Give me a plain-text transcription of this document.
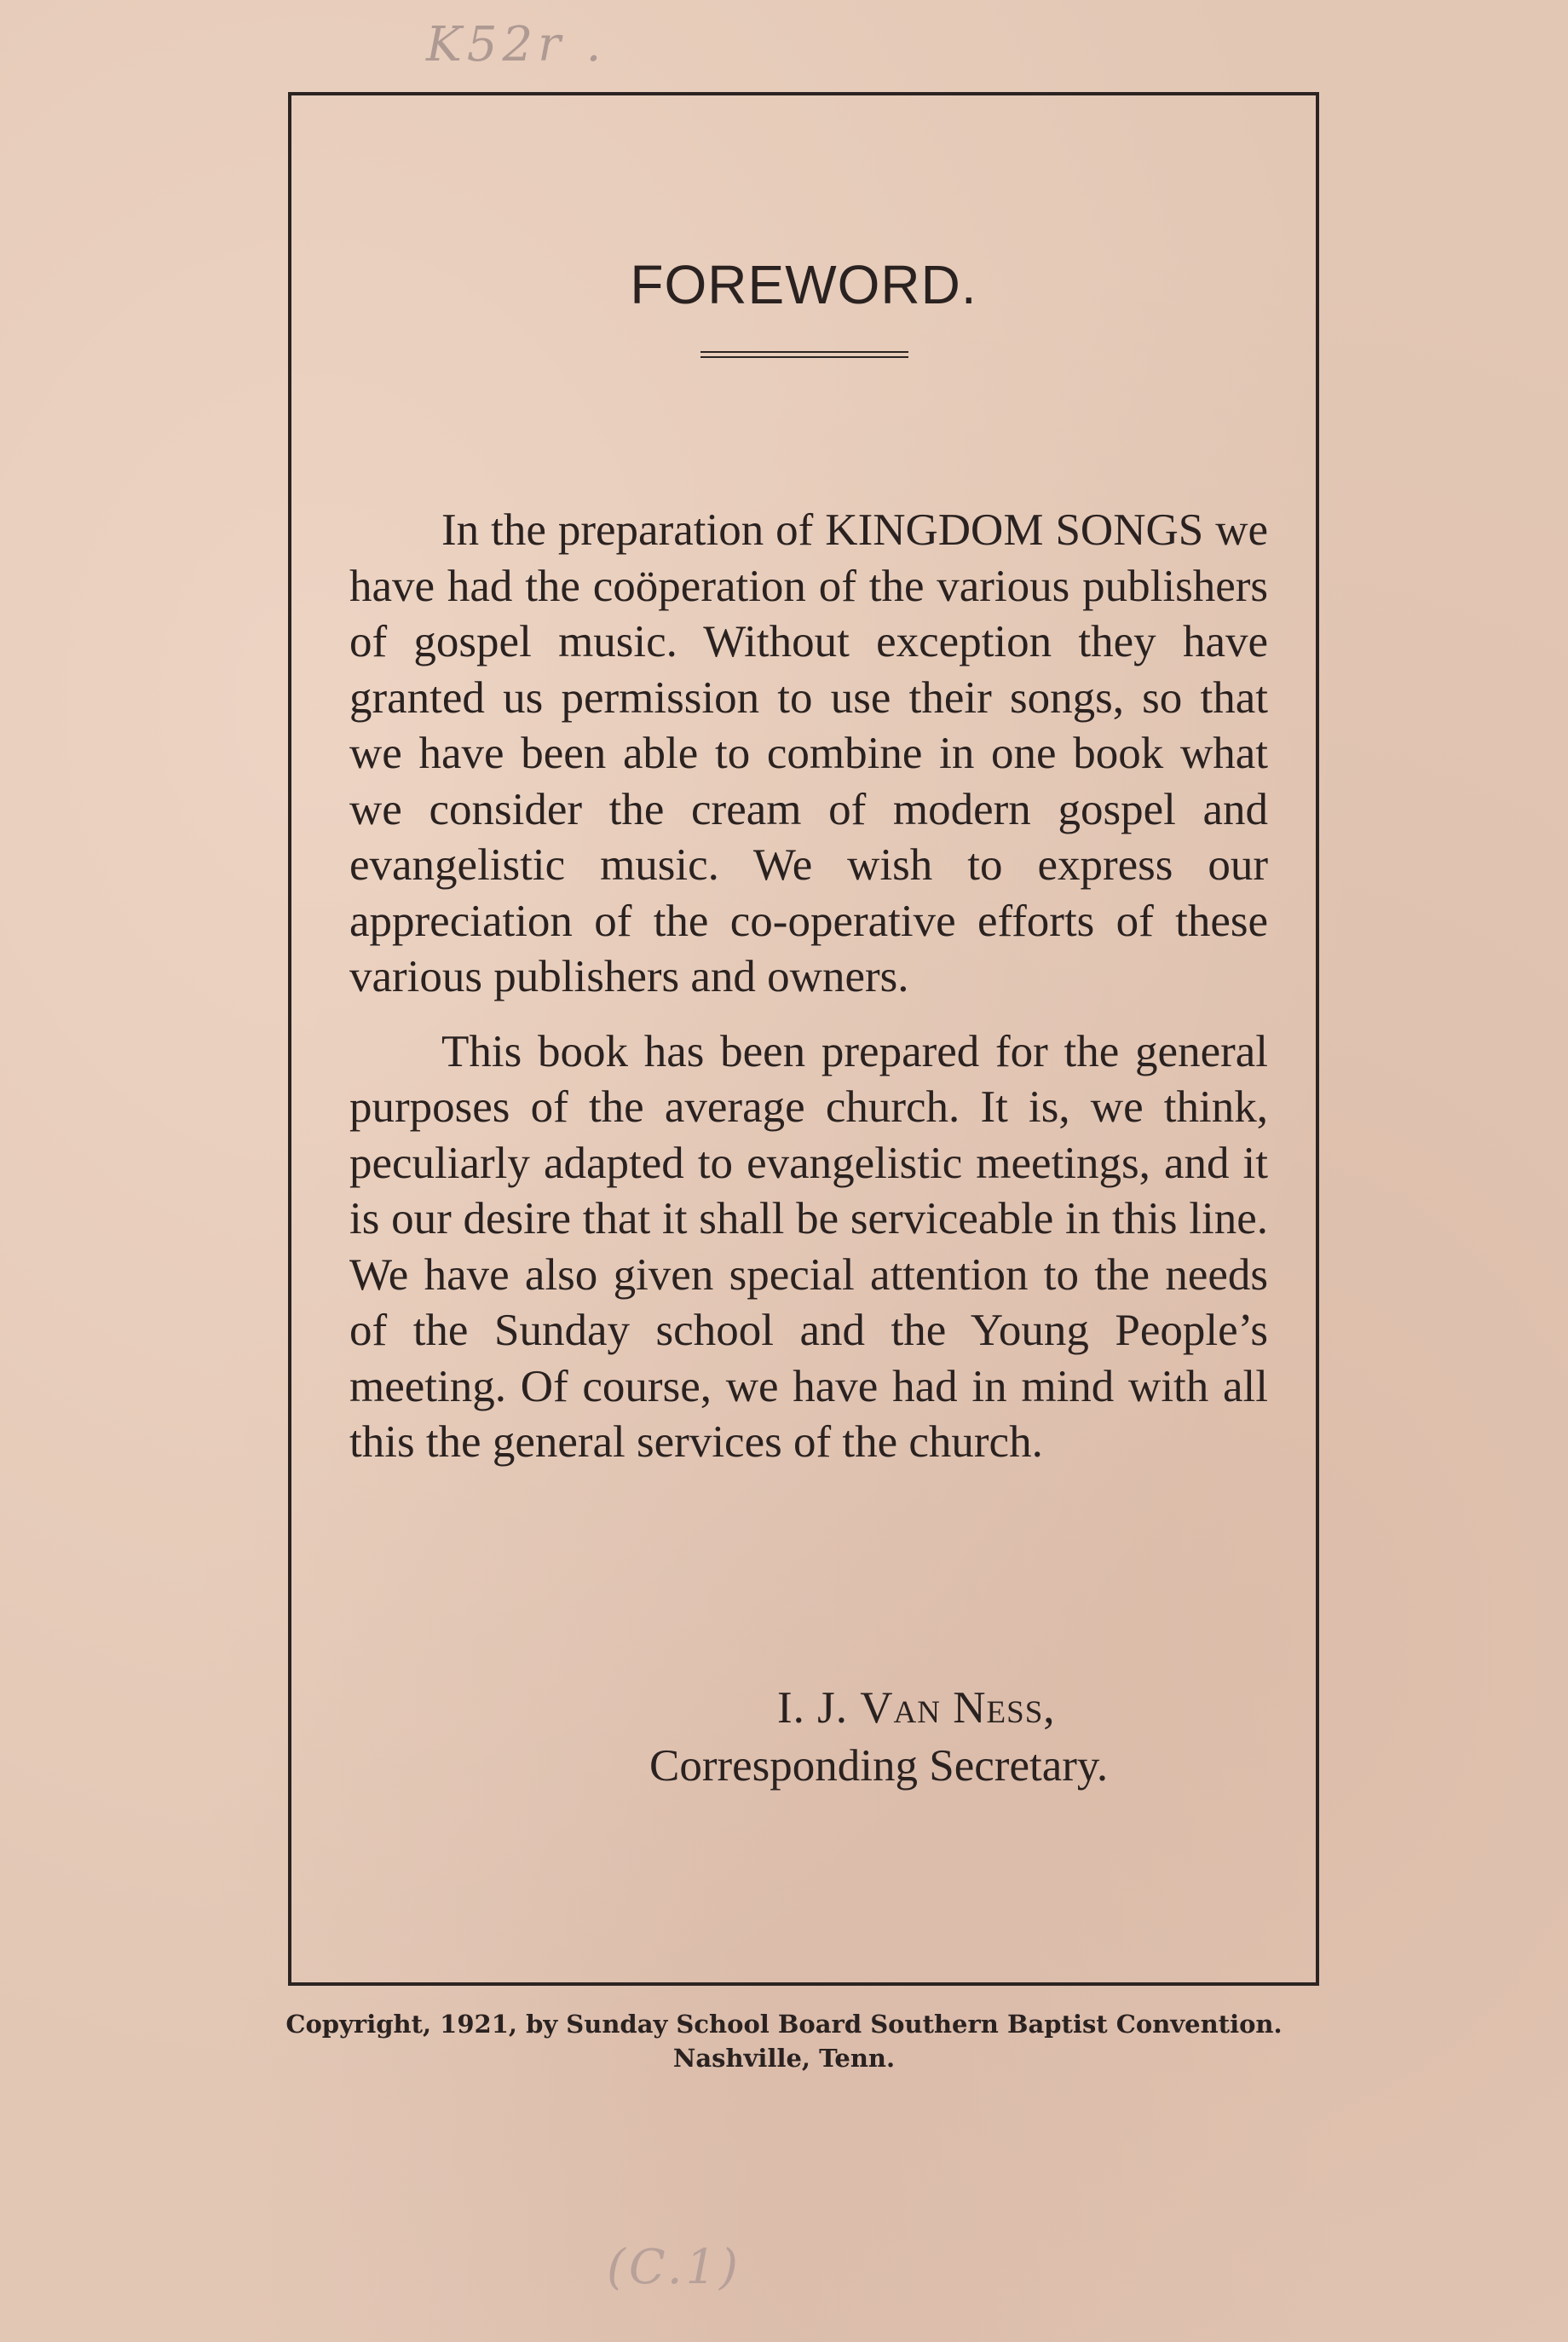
K52r .
FOREWORD.

In the preparation of KINGDOM SONGS we have had the coöperation of the various publishers of gospel music. Without exception they have granted us permission to use their songs, so that we have been able to combine in one book what we consider the cream of modern gospel and evangelistic music. We wish to express our appreciation of the co-operative efforts of these various publishers and owners.

This book has been prepared for the general purposes of the average church. It is, we think, peculiarly adapted to evangelistic meetings, and it is our desire that it shall be serviceable in this line. We have also given special attention to the needs of the Sunday school and the Young People’s meeting. Of course, we have had in mind with all this the general services of the church.

I. J. Van Ness,
Corresponding Secretary.
Copyright, 1921, by Sunday School Board Southern Baptist Convention.
Nashville, Tenn.
(C.1)
